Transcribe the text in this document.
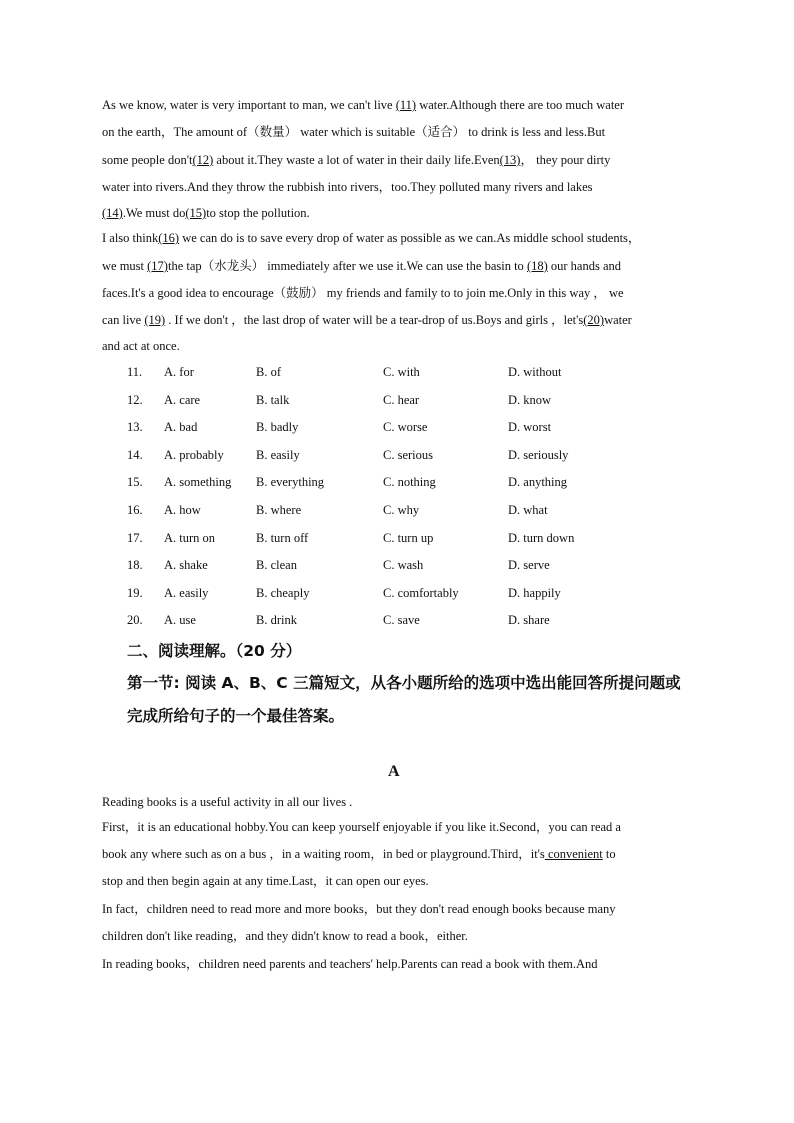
As we know, water is very important to man, we can't live (11) water.Although there are too much water
on the earth，The amount of（数量） water which is suitable（适合） to drink is less and less.But
some people don't(12) about it.They waste a lot of water in their daily life.Even(13)， they pour dirty
water into rivers.And they throw the rubbish into rivers，too.They polluted many rivers and lakes
(14).We must do(15)to stop the pollution.
I also think(16) we can do is to save every drop of water as possible as we can.As middle school students，
we must (17)the tap（水龙头） immediately after we use it.We can use the basin to (18) our hands and
faces.It's a good idea to encourage（鼓励） my friends and family to to join me.Only in this way ， we
can live (19) . If we don't ，the last drop of water will be a tear-drop of us.Boys and girls ，let's(20)water
and act at once.
11. A. for	B. of	C. with	D. without
12. A. care	B. talk	C. hear	D. know
13. A. bad	B. badly	C. worse	D. worst
14. A. probably	B. easily	C. serious	D. seriously
15. A. something B. everything	C. nothing	D. anything
16. A. how	B. where	C. why	D. what
17. A. turn on	B. turn off	C. turn up	D. turn down
18. A. shake	B. clean	C. wash	D. serve
19. A. easily	B. cheaply	C. comfortably	D. happily
20. A. use	B. drink	C. save	D. share
二、阅读理解。（20 分）
第一节: 阅读 A、B、C 三篇短文，从各小题所给的选项中选出能回答所提问题或
完成所给句子的一个最佳答案。
A
Reading books is a useful activity in all our lives .
First，it is an educational hobby.You can keep yourself enjoyable if you like it.Second，you can read a
book any where such as on a bus ，in a waiting room，in bed or playground.Third，it's convenient to
stop and then begin again at any time.Last，it can open our eyes.
In fact，children need to read more and more books，but they don't read enough books because many
children don't like reading，and they didn't know to read a book，either.
In reading books，children need parents and teachers' help.Parents can read a book with them.And
